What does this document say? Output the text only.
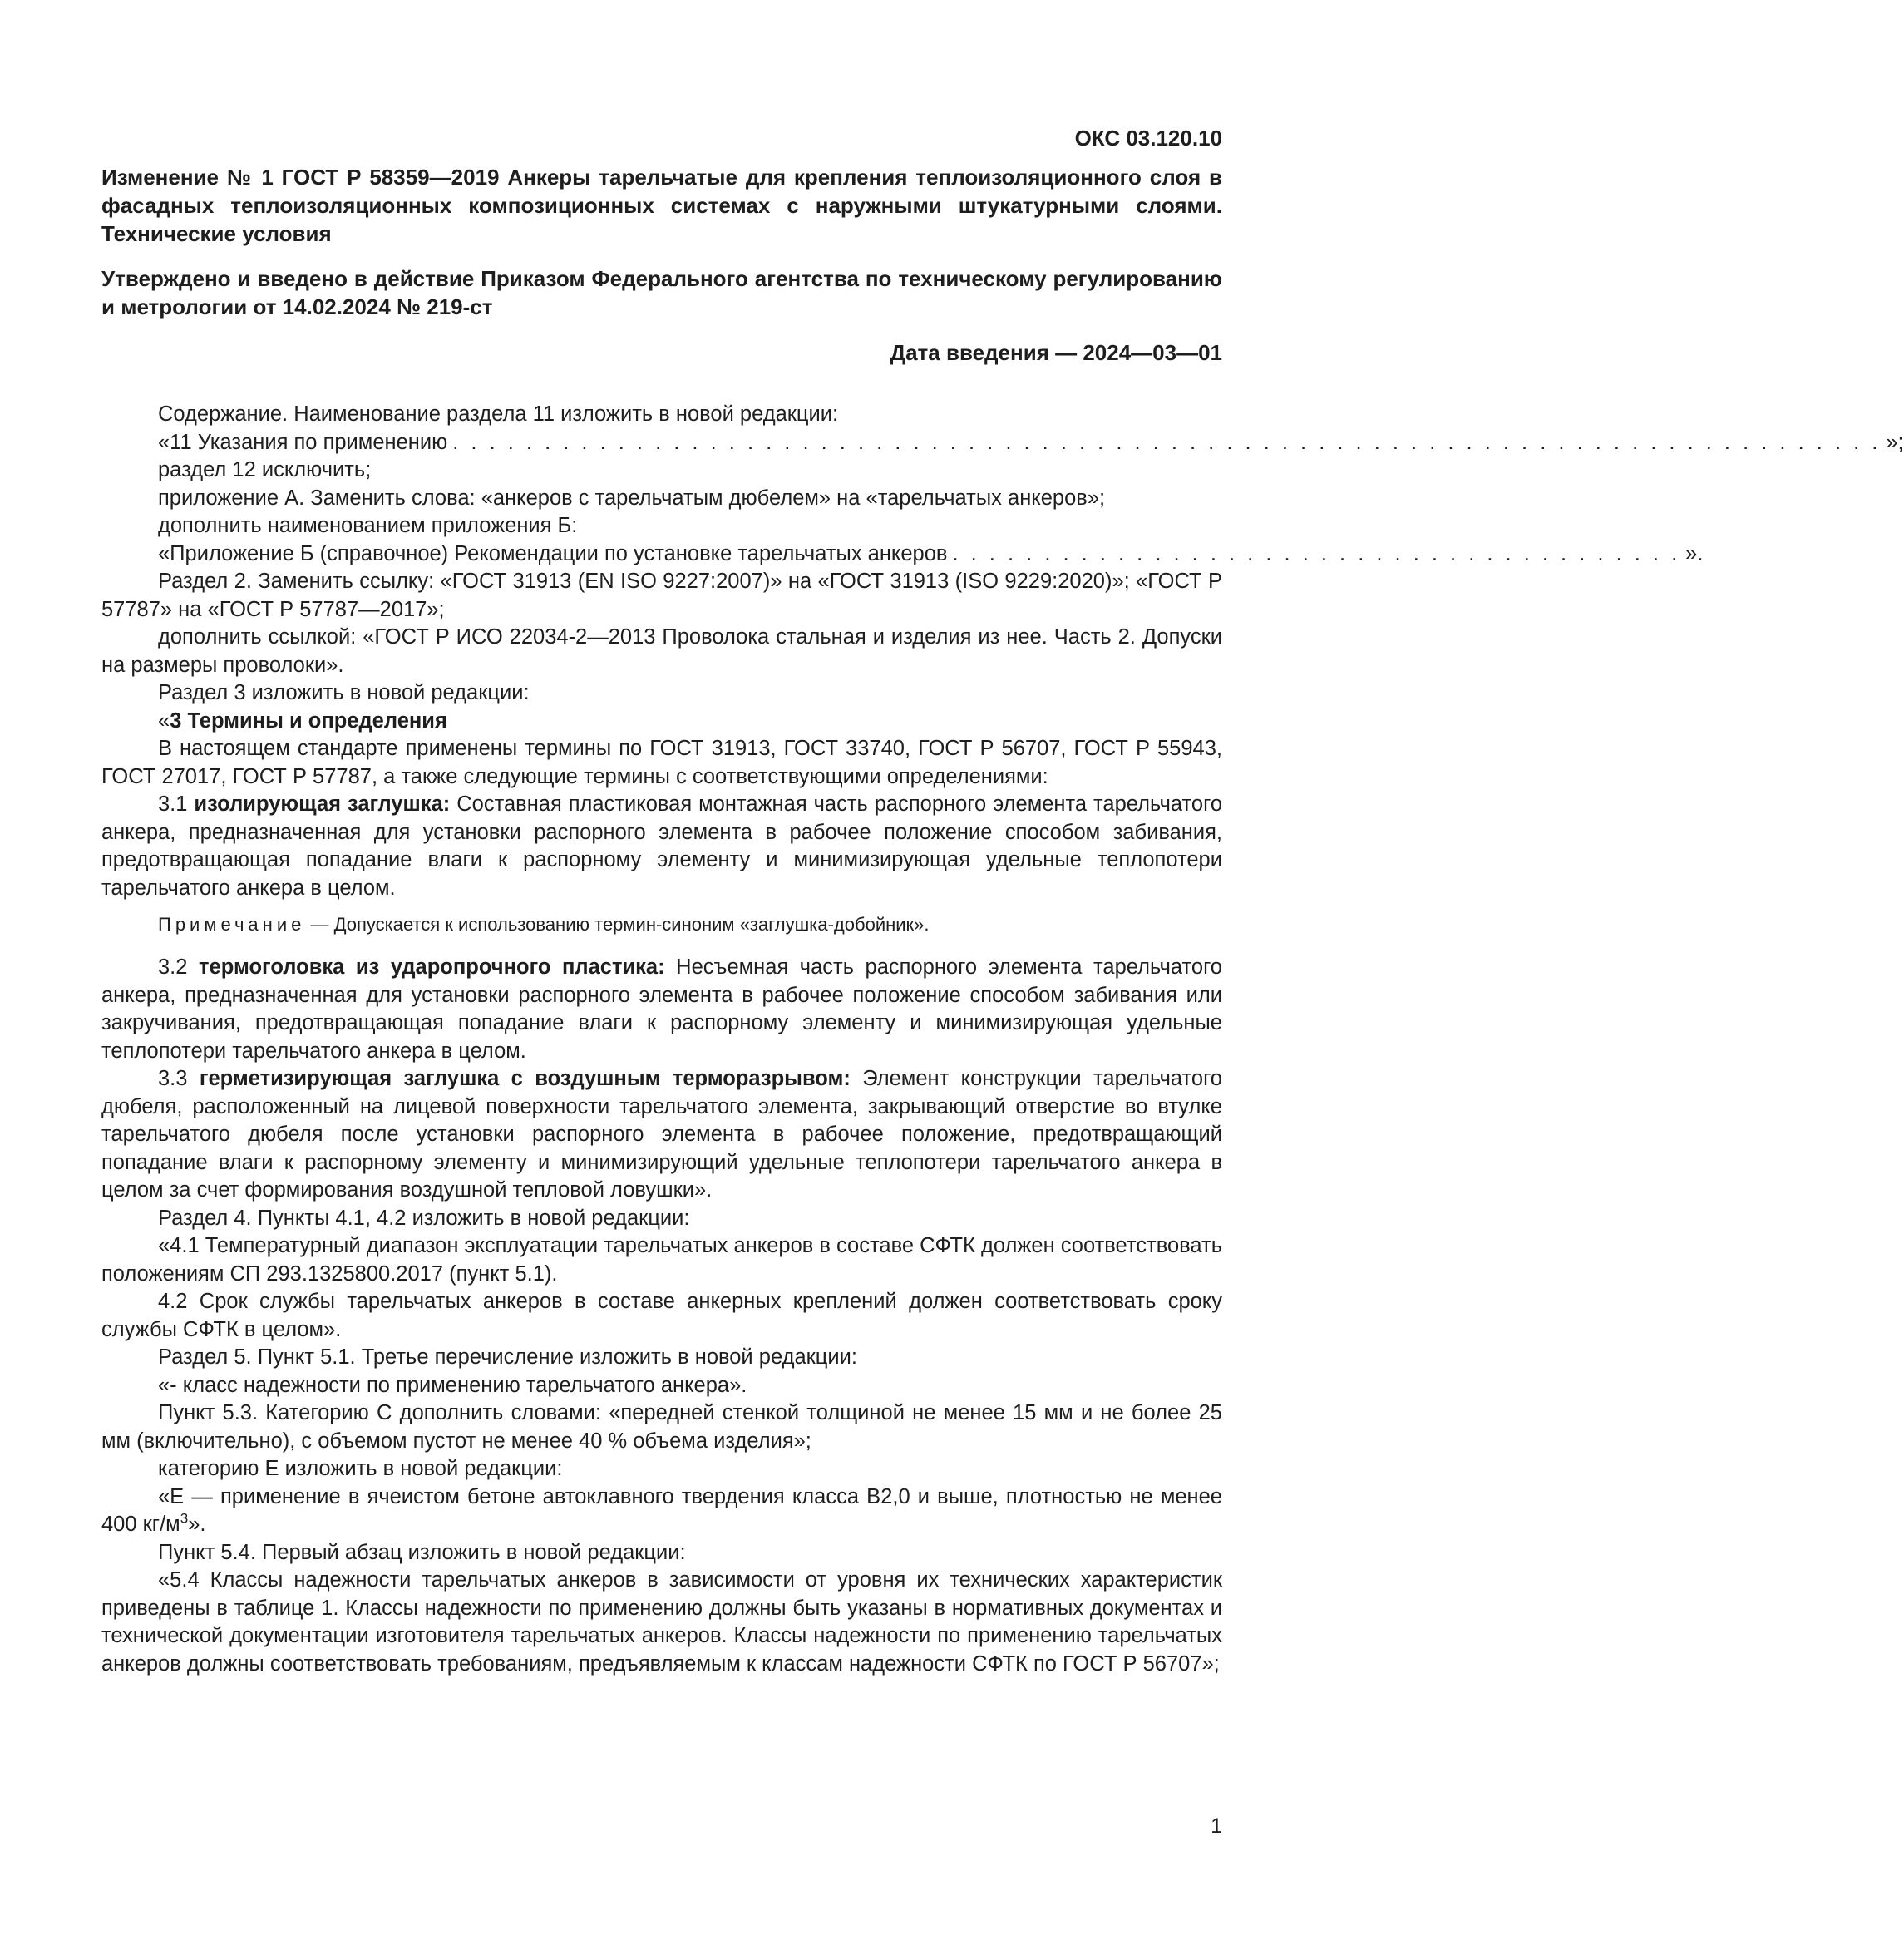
ОКС 03.120.10

Изменение № 1 ГОСТ Р 58359—2019 Анкеры тарельчатые для крепления теплоизоляционного слоя в фасадных теплоизоляционных композиционных системах с наружными штукатурными слоями. Технические условия

Утверждено и введено в действие Приказом Федерального агентства по техническому регулированию и метрологии от 14.02.2024 № 219-ст

Дата введения — 2024—03—01

Содержание. Наименование раздела 11 изложить в новой редакции:

«11 Указания по применению . . . . . . . . . . . . . . . . . . . . . . . . . . . . . . . . . . . . . . . . . . . . . . . . . . . . . . . . . . . . . . . . . . . . . . . . . . . . . . »;

раздел 12 исключить;

приложение А. Заменить слова: «анкеров с тарельчатым дюбелем» на «тарельчатых анкеров»;

дополнить наименованием приложения Б:

«Приложение Б (справочное) Рекомендации по установке тарельчатых анкеров . . . . . . . . . . . . . . . . . . . . . . . . . . . . . . . . . . . . . . . . ».

Раздел 2. Заменить ссылку: «ГОСТ 31913 (EN ISO 9227:2007)» на «ГОСТ 31913 (ISO 9229:2020)»; «ГОСТ Р 57787» на «ГОСТ Р 57787—2017»;

дополнить ссылкой: «ГОСТ Р ИСО 22034-2—2013 Проволока стальная и изделия из нее. Часть 2. Допуски на размеры проволоки».

Раздел 3 изложить в новой редакции:

«3 Термины и определения

В настоящем стандарте применены термины по ГОСТ 31913, ГОСТ 33740, ГОСТ Р 56707, ГОСТ Р 55943, ГОСТ 27017, ГОСТ Р 57787, а также следующие термины с соответствующими определениями:

3.1 изолирующая заглушка: Составная пластиковая монтажная часть распорного элемента тарельчатого анкера, предназначенная для установки распорного элемента в рабочее положение способом забивания, предотвращающая попадание влаги к распорному элементу и минимизирующая удельные теплопотери тарельчатого анкера в целом.

Примечание — Допускается к использованию термин-синоним «заглушка-добойник».

3.2 термоголовка из ударопрочного пластика: Несъемная часть распорного элемента тарельчатого анкера, предназначенная для установки распорного элемента в рабочее положение способом забивания или закручивания, предотвращающая попадание влаги к распорному элементу и минимизирующая удельные теплопотери тарельчатого анкера в целом.

3.3 герметизирующая заглушка с воздушным терморазрывом: Элемент конструкции тарельчатого дюбеля, расположенный на лицевой поверхности тарельчатого элемента, закрывающий отверстие во втулке тарельчатого дюбеля после установки распорного элемента в рабочее положение, предотвращающий попадание влаги к распорному элементу и минимизирующий удельные теплопотери тарельчатого анкера в целом за счет формирования воздушной тепловой ловушки».

Раздел 4. Пункты 4.1, 4.2 изложить в новой редакции:

«4.1 Температурный диапазон эксплуатации тарельчатых анкеров в составе СФТК должен соответствовать положениям СП 293.1325800.2017 (пункт 5.1).

4.2 Срок службы тарельчатых анкеров в составе анкерных креплений должен соответствовать сроку службы СФТК в целом».

Раздел 5. Пункт 5.1. Третье перечисление изложить в новой редакции:

«- класс надежности по применению тарельчатого анкера».

Пункт 5.3. Категорию С дополнить словами: «передней стенкой толщиной не менее 15 мм и не более 25 мм (включительно), с объемом пустот не менее 40 % объема изделия»;

категорию Е изложить в новой редакции:

«Е — применение в ячеистом бетоне автоклавного твердения класса В2,0 и выше, плотностью не менее 400 $кг/м^3$».

Пункт 5.4. Первый абзац изложить в новой редакции:

«5.4 Классы надежности тарельчатых анкеров в зависимости от уровня их технических характеристик приведены в таблице 1. Классы надежности по применению должны быть указаны в нормативных документах и технической документации изготовителя тарельчатых анкеров. Классы надежности по применению тарельчатых анкеров должны соответствовать требованиям, предъявляемым к классам надежности СФТК по ГОСТ Р 56707»;

1
